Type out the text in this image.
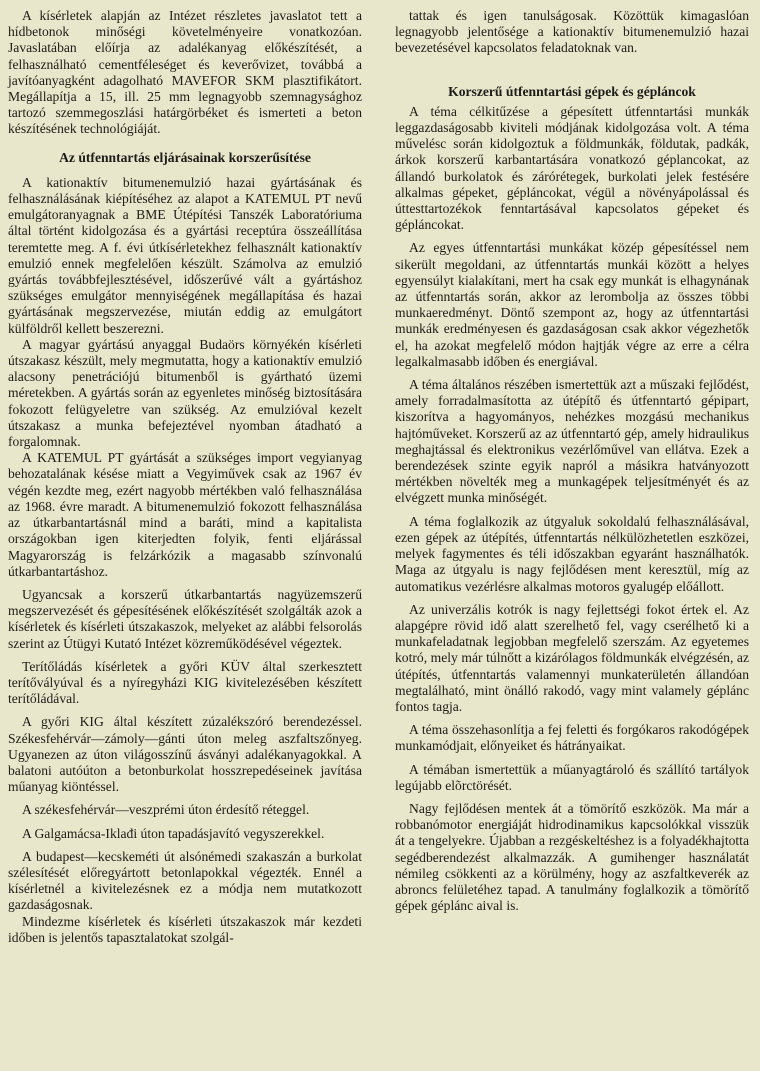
A kísérletek alapján az Intézet részletes javaslatot tett a hídbetonok minőségi követelményeire vonatkozóan. Javaslatában előírja az adalékanyag előkészítését, a felhasználható cementféleséget és keverővizet, továbbá a javítóanyagként adagolható MAVEFOR SKM plasztifikátort. Megállapítja a 15, ill. 25 mm legnagyobb szemnagysághoz tartozó szemmegoszlási határgörbéket és ismerteti a beton készítésének technológiáját.

Az útfenntartás eljárásainak korszerűsítése

A kationaktív bitumenemulzió hazai gyártásának és felhasználásának kiépítéséhez az alapot a KATEMUL PT nevű emulgátoranyagnak a BME Útépítési Tanszék Laboratóriuma által történt kidolgozása és a gyártási receptúra összeállítása teremtette meg. A f. évi útkísérletekhez felhasznált kationaktív emulzió ennek megfelelően készült. Számolva az emulzió gyártás továbbfejlesztésével, időszerűvé vált a gyártáshoz szükséges emulgátor mennyiségének megállapítása és hazai gyártásának megszervezése, miután eddig az emulgátort külföldről kellett beszerezni.

A magyar gyártású anyaggal Budaörs környékén kísérleti útszakasz készült, mely megmutatta, hogy a kationaktív emulzió alacsony penetrációjú bitumenből is gyártható üzemi méretekben. A gyártás során az egyenletes minőség biztosítására fokozott felügyeletre van szükség. Az emulzióval kezelt útszakasz a munka befejeztével nyomban átadható a forgalomnak.

A KATEMUL PT gyártását a szükséges import vegyianyag behozatalának késése miatt a Vegyiművek csak az 1967 év végén kezdte meg, ezért nagyobb mértékben való felhasználása az 1968. évre maradt. A bitumenemulzió fokozott felhasználása az útkarbantartásnál mind a baráti, mind a kapitalista országokban igen kiterjedten folyik, fenti eljárással Magyarország is felzárkózik a magasabb színvonalú útkarbantartáshoz.

Ugyancsak a korszerű útkarbantartás nagyüzemszerű megszervezését és gépesítésének előkészítését szolgálták azok a kísérletek és kísérleti útszakaszok, melyeket az alábbi felsorolás szerint az Útügyi Kutató Intézet közreműködésével végeztek.

Terítőládás kísérletek a győri KÜV által szerkesztett terítővályúval és a nyíregyházi KIG kivitelezésében készített terítőládával.

A győri KIG által készített zúzalékszóró berendezéssel. Székesfehérvár—zámoly—gánti úton meleg aszfaltszőnyeg. Ugyanezen az úton világosszínű ásványi adalékanyagokkal. A balatoni autóúton a betonburkolat hosszrepedéseinek javítása műanyag kiöntéssel.

A székesfehérvár—veszprémi úton érdesítő réteggel.

A Galgamácsa-Iklađi úton tapadásjavító vegyszerekkel.

A budapest—kecskeméti út alsónémedi szakaszán a burkolat szélesítését előregyártott betonlapokkal végezték. Ennél a kísérletnél a kivitelezésnek ez a módja nem mutatkozott gazdaságosnak.

Mindezme kísérletek és kísérleti útszakaszok már kezdeti időben is jelentős tapasztalatokat szolgál-

tattak és igen tanulságosak. Közöttük kimagaslóan legnagyobb jelentősége a kationaktív bitumenemulzió hazai bevezetésével kapcsolatos feladatoknak van.

Korszerű útfenntartási gépek és gépláncok

A téma célkitűzése a gépesített útfenntartási munkák leggazdaságosabb kiviteli módjának kidolgozása volt. A téma művelésc során kidolgoztuk a földmunkák, földutak, padkák, árkok korszerű karbantartására vonatkozó géplancokat, az állandó burkolatok és zárórétegek, burkolati jelek festésére alkalmas gépeket, gépláncokat, végül a növényápolással és úttesttartozékok fenntartásával kapcsolatos gépeket és gépláncokat.

Az egyes útfenntartási munkákat közép gépesítéssel nem sikerült megoldani, az útfenntartás munkái között a helyes egyensúlyt kialakítani, mert ha csak egy munkát is elhagynának az útfenntartás során, akkor az lerombolja az összes többi munkaeredményt. Döntő szempont az, hogy az útfenntartási munkák eredményesen és gazdaságosan csak akkor végezhetők el, ha azokat megfelelő módon hajtják végre az erre a célra legalkalmasabb időben és energiával.

A téma általános részében ismertettük azt a műszaki fejlődést, amely forradalmasította az útépítő és útfenntartó gépipart, kiszorítva a hagyományos, nehézkes mozgású mechanikus hajtóműveket. Korszerű az az útfenntartó gép, amely hidraulikus meghajtással és elektronikus vezérlőművel van ellátva. Ezek a berendezések szinte egyik napról a másikra hatványozott mértékben növelték meg a munkagépek teljesítményét és az elvégzett munka minőségét.

A téma foglalkozik az útgyaluk sokoldalú felhasználásával, ezen gépek az útépítés, útfenntartás nélkülözhetetlen eszközei, melyek fagymentes és téli időszakban egyaránt használhatók. Maga az útgyalu is nagy fejlődésen ment keresztül, míg az automatikus vezérlésre alkalmas motoros gyalugép előállott.

Az univerzális kotrók is nagy fejlettségi fokot értek el. Az alapgépre rövid idő alatt szerelhető fel, vagy cserélhető ki a munkafeladatnak legjobban megfelelő szerszám. Az egyetemes kotró, mely már túlnőtt a kizárólagos földmunkák elvégzésén, az útépítés, útfenntartás valamennyi munkaterületén állandóan megtalálható, mint önálló rakodó, vagy mint valamely géplánc fontos tagja.

A téma összehasonlítja a fej feletti és forgókaros rakodógépek munkamódjait, előnyeiket és hátrányaikat.

A témában ismertettük a műanyagtároló és szállító tartályok legújabb elõrctörését.

Nagy fejlődésen mentek át a tömörítő eszközök. Ma már a robbanómotor energiáját hidrodinamikus kapcsolókkal visszük át a tengelyekre. Újabban a rezgéskeltéshez is a folyadékhajtotta segédberendezést alkalmazzák. A gumihenger használatát némileg csökkenti az a körülmény, hogy az aszfaltkeverék az abroncs felületéhez tapad. A tanulmány foglalkozik a tömörítő gépek géplánc aival is.
